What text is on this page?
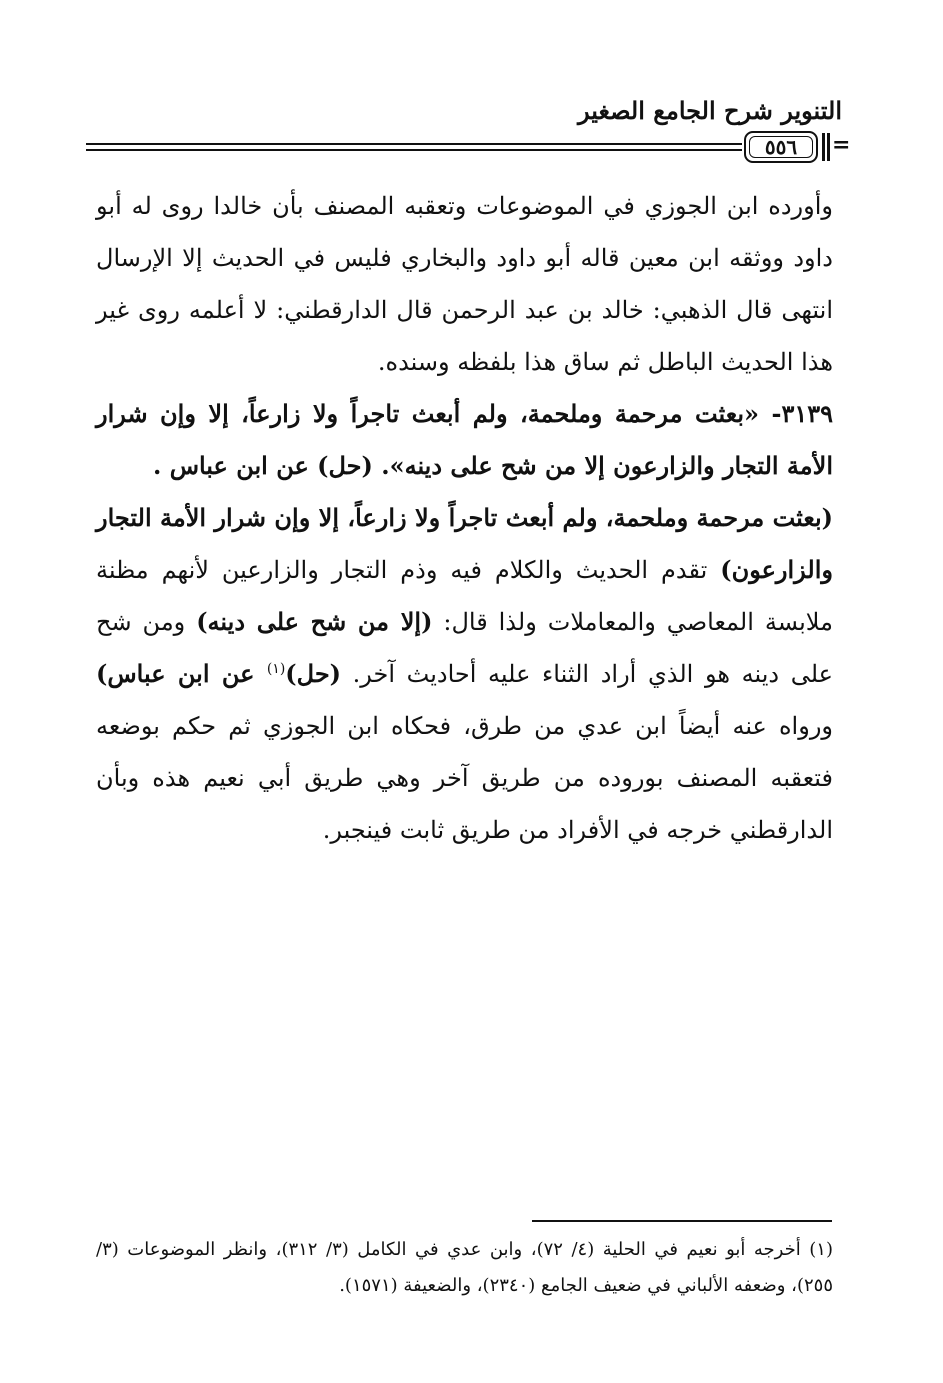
التنوير شرح الجامع الصغير
٥٥٦	=

وأورده ابن الجوزي في الموضوعات وتعقبه المصنف بأن خالدا روى له أبو داود ووثقه ابن معين قاله أبو داود والبخاري فليس في الحديث إلا الإرسال انتهى قال الذهبي: خالد بن عبد الرحمن قال الدارقطني: لا أعلمه روى غير هذا الحديث الباطل ثم ساق هذا بلفظه وسنده.

٣١٣٩- «بعثت مرحمة وملحمة، ولم أبعث تاجراً ولا زارعاً، إلا وإن شرار الأمة التجار والزارعون إلا من شح على دينه». (حل) عن ابن عباس .

(بعثت مرحمة وملحمة، ولم أبعث تاجراً ولا زارعاً، إلا وإن شرار الأمة التجار والزارعون) تقدم الحديث والكلام فيه وذم التجار والزارعين لأنهم مظنة ملابسة المعاصي والمعاملات ولذا قال: (إلا من شح على دينه) ومن شح على دينه هو الذي أراد الثناء عليه أحاديث آخر. (حل)$^{(١)}$ عن ابن عباس) ورواه عنه أيضاً ابن عدي من طرق، فحكاه ابن الجوزي ثم حكم بوضعه فتعقبه المصنف بوروده من طريق آخر وهي طريق أبي نعيم هذه وبأن الدارقطني خرجه في الأفراد من طريق ثابت فينجبر.

(١) أخرجه أبو نعيم في الحلية (٤/ ٧٢)، وابن عدي في الكامل (٣/ ٣١٢)، وانظر الموضوعات (٣/ ٢٥٥)، وضعفه الألباني في ضعيف الجامع (٢٣٤٠)، والضعيفة (١٥٧١).
